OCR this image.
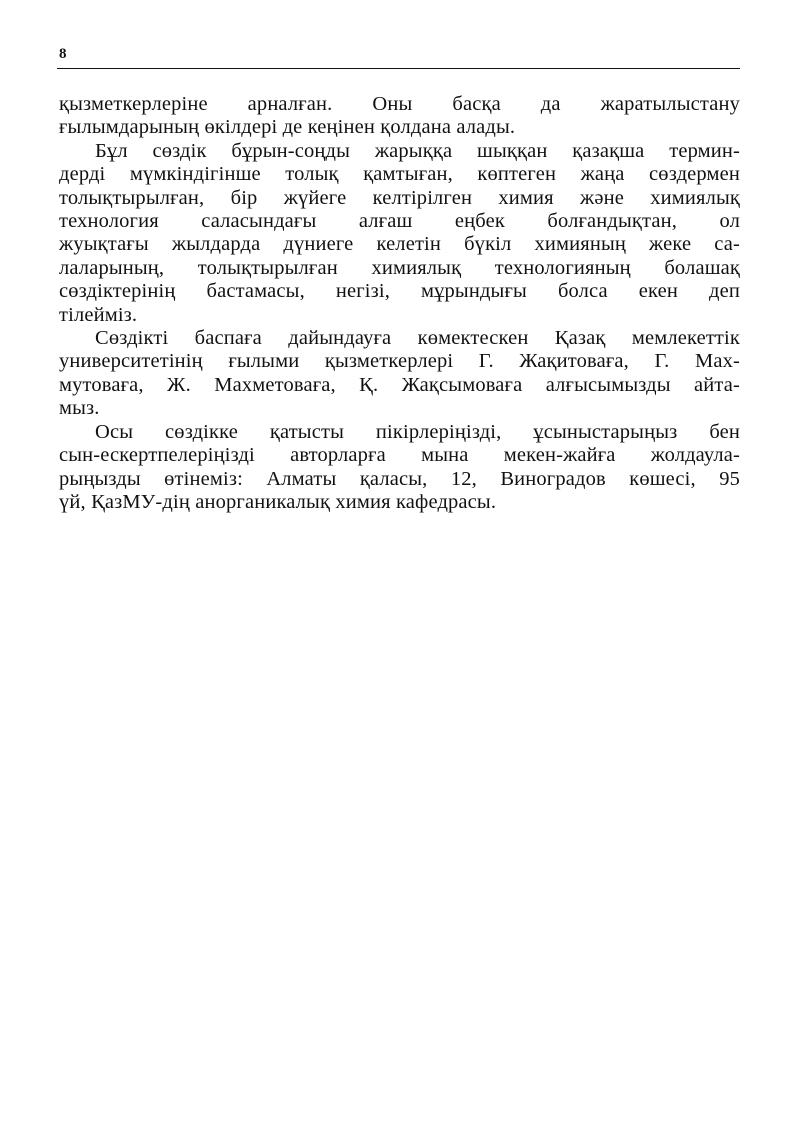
8

қызметкерлеріне арналған. Оны басқа да жаратылыстану
ғылымдарының өкілдері де кеңінен қолдана алады.

Бұл сөздік бұрын-соңды жарыққа шыққан қазақша термин-
дерді мүмкіндігінше толық қамтыған, көптеген жаңа сөздермен
толықтырылған, бір жүйеге келтірілген химия және химиялық
технология саласындағы алғаш еңбек болғандықтан, ол
жуықтағы жылдарда дүниеге келетін бүкіл химияның жеке са-
лаларының, толықтырылған химиялық технологияның болашақ
сөздіктерінің бастамасы, негізі, мұрындығы болса екен деп
тілейміз.

Сөздікті баспаға дайындауға көмектескен Қазақ мемлекеттік
университетінің ғылыми қызметкерлері Г. Жақитоваға, Г. Мах-
мутоваға, Ж. Махметоваға, Қ. Жақсымоваға алғысымызды айта-
мыз.

Осы сөздікке қатысты пікірлеріңізді, ұсыныстарыңыз бен
сын-ескертпелеріңізді авторларға мына мекен-жайға жолдаула-
рыңызды өтінеміз: Алматы қаласы, 12, Виноградов көшесі, 95
үй, ҚазМУ-дің анорганикалық химия кафедрасы.
